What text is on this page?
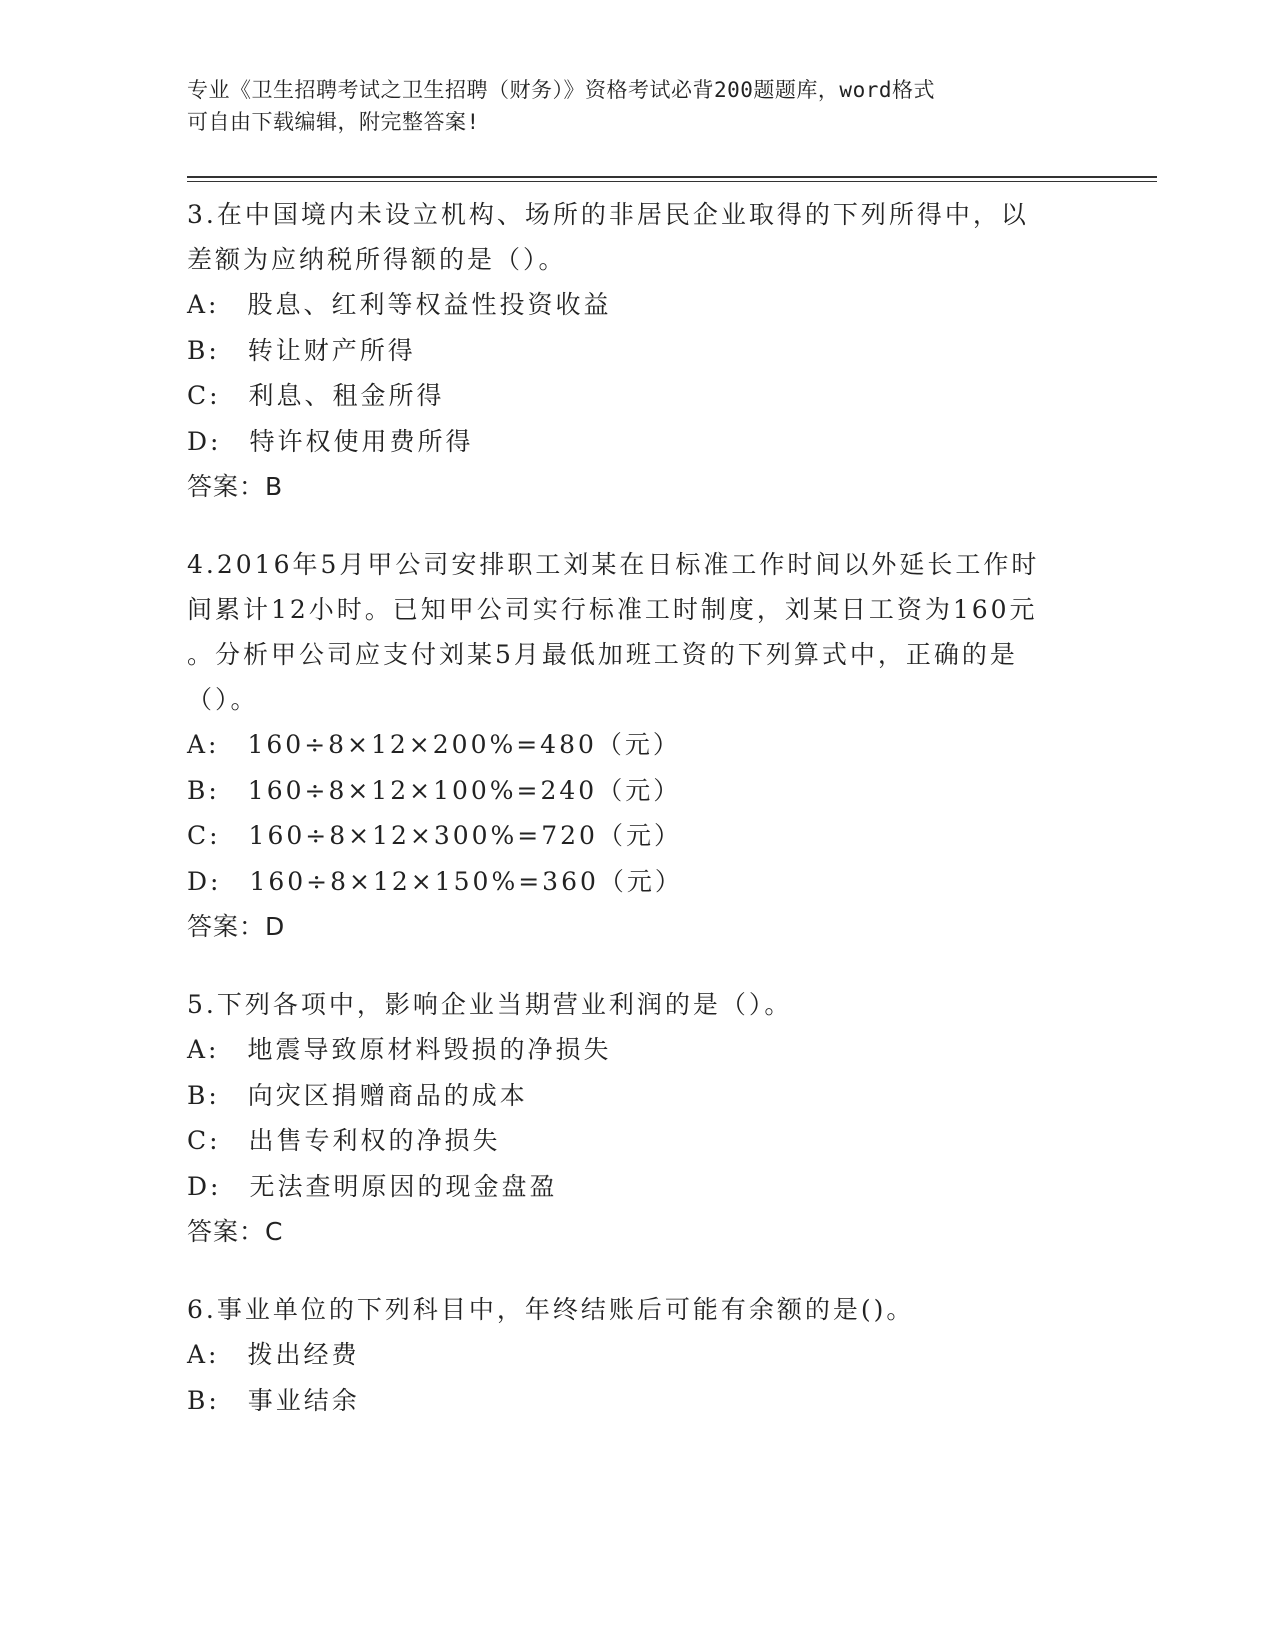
专业《卫生招聘考试之卫生招聘（财务）》资格考试必背200题题库，word格式
可自由下载编辑，附完整答案!
3.在中国境内未设立机构、场所的非居民企业取得的下列所得中，以
差额为应纳税所得额的是（）。
A:　股息、红利等权益性投资收益
B:　转让财产所得
C:　利息、租金所得
D:　特许权使用费所得
答案：B
4.2016年5月甲公司安排职工刘某在日标准工作时间以外延长工作时
间累计12小时。已知甲公司实行标准工时制度，刘某日工资为160元
。分析甲公司应支付刘某5月最低加班工资的下列算式中，正确的是
（）。
A:　160÷8×12×200%=480（元）
B:　160÷8×12×100%=240（元）
C:　160÷8×12×300%=720（元）
D:　160÷8×12×150%=360（元）
答案：D
5.下列各项中，影响企业当期营业利润的是（）。
A:　地震导致原材料毁损的净损失
B:　向灾区捐赠商品的成本
C:　出售专利权的净损失
D:　无法查明原因的现金盘盈
答案：C
6.事业单位的下列科目中，年终结账后可能有余额的是()。
A:　拨出经费
B:　事业结余
